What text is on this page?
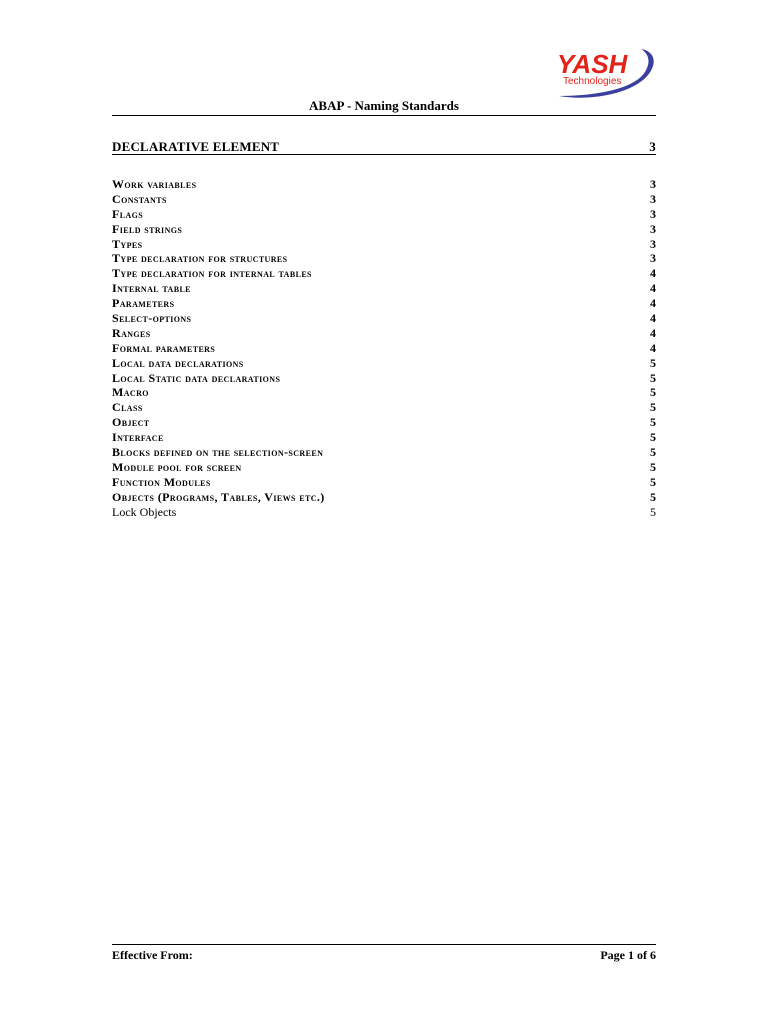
YASH
Technologies
ABAP - Naming Standards
DECLARATIVE ELEMENT	3
Work variables	3
Constants	3
Flags	3
Field strings	3
Types	3
Type declaration for structures	3
Type declaration for internal tables	4
Internal table	4
Parameters	4
Select-options	4
Ranges	4
Formal parameters	4
Local data declarations	5
Local Static data declarations	5
Macro	5
Class	5
Object	5
Interface	5
Blocks defined on the selection-screen	5
Module pool for screen	5
Function Modules	5
Objects (Programs, Tables, Views etc.)	5
Lock Objects	5
Effective From:	Page 1 of 6
